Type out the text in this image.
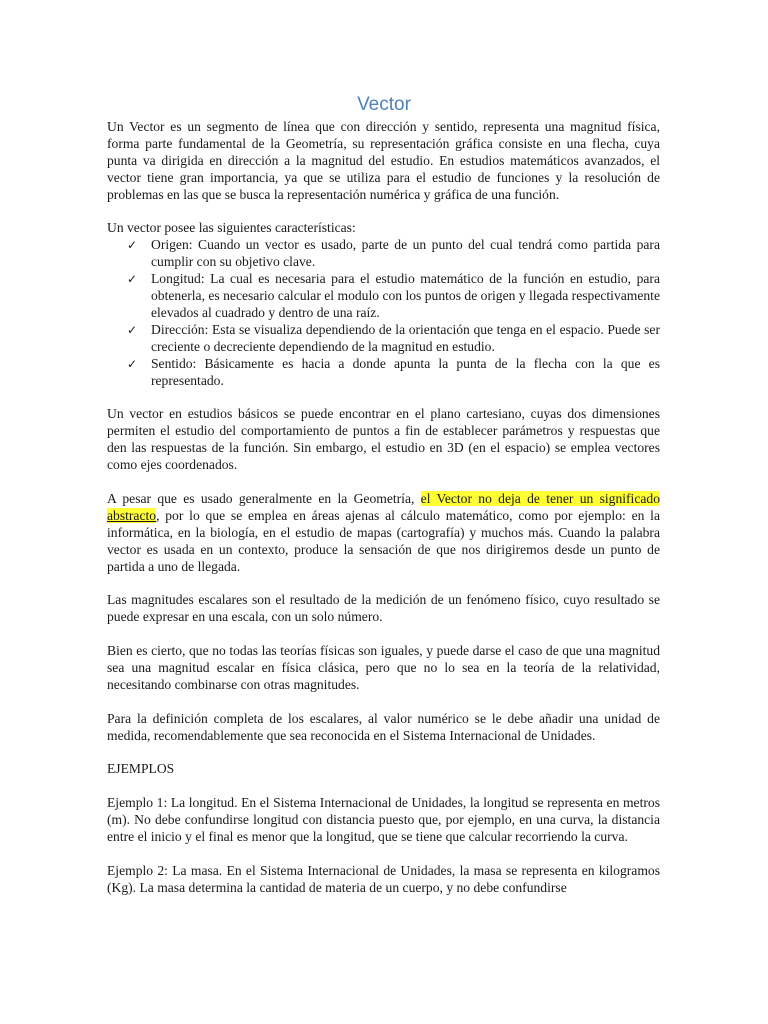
Vector

Un Vector es un segmento de línea que con dirección y sentido, representa una magnitud física, forma parte fundamental de la Geometría, su representación gráfica consiste en una flecha, cuya punta va dirigida en dirección a la magnitud del estudio. En estudios matemáticos avanzados, el vector tiene gran importancia, ya que se utiliza para el estudio de funciones y la resolución de problemas en las que se busca la representación numérica y gráfica de una función.

Un vector posee las siguientes características:

✓ Origen: Cuando un vector es usado, parte de un punto del cual tendrá como partida para cumplir con su objetivo clave.
✓ Longitud: La cual es necesaria para el estudio matemático de la función en estudio, para obtenerla, es necesario calcular el modulo con los puntos de origen y llegada respectivamente elevados al cuadrado y dentro de una raíz.
✓ Dirección: Esta se visualiza dependiendo de la orientación que tenga en el espacio. Puede ser creciente o decreciente dependiendo de la magnitud en estudio.
✓ Sentido: Básicamente es hacia a donde apunta la punta de la flecha con la que es representado.

Un vector en estudios básicos se puede encontrar en el plano cartesiano, cuyas dos dimensiones permiten el estudio del comportamiento de puntos a fin de establecer parámetros y respuestas que den las respuestas de la función. Sin embargo, el estudio en 3D (en el espacio) se emplea vectores como ejes coordenados.

A pesar que es usado generalmente en la Geometría, el Vector no deja de tener un significado abstracto, por lo que se emplea en áreas ajenas al cálculo matemático, como por ejemplo: en la informática, en la biología, en el estudio de mapas (cartografía) y muchos más. Cuando la palabra vector es usada en un contexto, produce la sensación de que nos dirigiremos desde un punto de partida a uno de llegada.

Las magnitudes escalares son el resultado de la medición de un fenómeno físico, cuyo resultado se puede expresar en una escala, con un solo número.

Bien es cierto, que no todas las teorías físicas son iguales, y puede darse el caso de que una magnitud sea una magnitud escalar en física clásica, pero que no lo sea en la teoría de la relatividad, necesitando combinarse con otras magnitudes.

Para la definición completa de los escalares, al valor numérico se le debe añadir una unidad de medida, recomendablemente que sea reconocida en el Sistema Internacional de Unidades.

EJEMPLOS

Ejemplo 1: La longitud. En el Sistema Internacional de Unidades, la longitud se representa en metros (m). No debe confundirse longitud con distancia puesto que, por ejemplo, en una curva, la distancia entre el inicio y el final es menor que la longitud, que se tiene que calcular recorriendo la curva.

Ejemplo 2: La masa. En el Sistema Internacional de Unidades, la masa se representa en kilogramos (Kg). La masa determina la cantidad de materia de un cuerpo, y no debe confundirse
